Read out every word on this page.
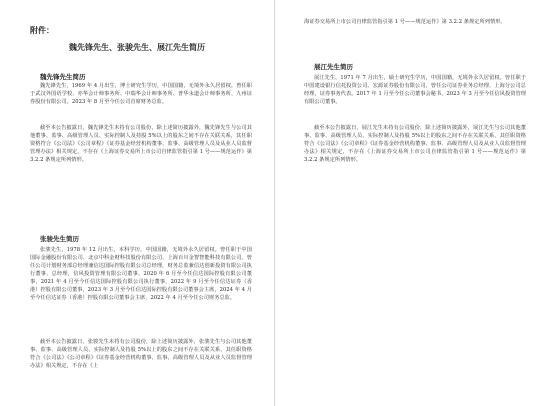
附件：
魏先锋先生、张骏先生、展江先生简历
魏先锋先生简历
魏先锋先生，1969 年 4 月出生，博士研究生学历，中国国籍，无境外永久居留权。曾任职于武汉外国语学校、亦华会计师事务所、中瑞华会计师事务所、普华永道会计师事务所、九州证券股份有限公司。2023 年 8 月至今任公司首席财务总监。
截至本公告披露日，魏先锋先生未持有公司股份，除上述简历披露外，魏先锋先生与公司其他董事、监事、高级管理人员、实际控制人及持股 5%以上的股东之间不存在关联关系，其任职资格符合《公司法》《公司章程》《证券基金经营机构董事、监事、高级管理人员及从业人员监督管理办法》相关规定，不存在《上海证券交易所上市公司自律监管指引第 1 号——规范运作》第 3.2.2 条规定所列情形。
张骏先生简历
张骏先生，1978 年 12 月出生，本科学历，中国国籍，无境外永久居留权。曾任职于中国国际金融股份有限公司、北京中科金财科技股份有限公司、上海百川金智智能科技有限公司。曾任公司计划财务部总经理兼信达国际控股有限公司总经理，财务总监兼信达创新投资有限公司执行董事、总经理，信风投资管理有限公司董事。2020 年 6 月至今任信达国际控股有限公司董事，2021 年 4 月至今任信达国际控股有限公司执行董事，2022 年 9 月至今任信达证券（香港）控股有限公司董事，2023 年 3 月至今任信达国际控股有限公司董事会主席，2024 年 4 月至今任信达证券（香港）控股有限公司董事会主席，2022 年 4 月至今任公司财务总监。
截至本公告披露日，张骏先生未持有公司股份，除上述简历披露外，张骏先生与公司其他董事、监事、高级管理人员、实际控制人及持股 5%以上的股东之间不存在关联关系，其任职资格符合《公司法》《公司章程》《证券基金经营机构董事、监事、高级管理人员及从业人员监督管理办法》相关规定，不存在《上
海证券交易所上市公司自律监管指引第 1 号——规范运作》第 3.2.2 条规定所列情形。
展江先生简历
展江先生，1971 年 7 月出生，硕士研究生学历，中国国籍，无境外永久居留权。曾任职于中国建设银行信托投资公司、宏源证券股份有限公司，曾任公司证券业务总经理、上海分公司总经理，证券事务代表。2017 年 1 月至今任公司董事会秘书，2023 年 3 月至今任信风投资管理有限公司董事。
截至本公告披露日，展江先生未持有公司股份，除上述简历披露外，展江先生与公司其他董事、监事、高级管理人员、实际控制人及持股 5%以上的股东之间不存在关联关系，其任职资格符合《公司法》《公司章程》《证券基金经营机构董事、监事、高级管理人员及从业人员监督管理办法》相关规定，不存在《上海证券交易所上市公司自律监管指引第 1 号——规范运作》第 3.2.2 条规定所列情形。
